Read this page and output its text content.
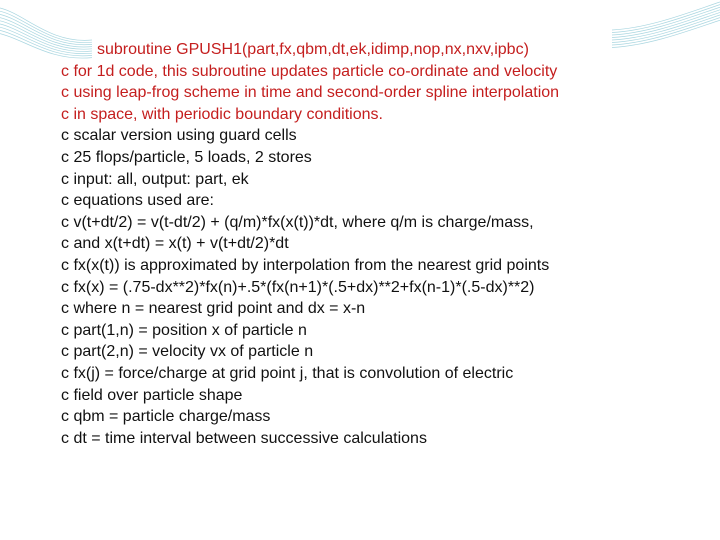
subroutine GPUSH1(part,fx,qbm,dt,ek,idimp,nop,nx,nxv,ipbc)
c for 1d code, this subroutine updates particle co-ordinate and velocity
c using leap-frog scheme in time and second-order spline interpolation
c in space, with periodic boundary conditions.
c scalar version using guard cells
c 25 flops/particle, 5 loads, 2 stores
c input: all, output: part, ek
c equations used are:
c v(t+dt/2) = v(t-dt/2) + (q/m)*fx(x(t))*dt, where q/m is charge/mass,
c and x(t+dt) = x(t) + v(t+dt/2)*dt
c fx(x(t)) is approximated by interpolation from the nearest grid points
c fx(x) = (.75-dx**2)*fx(n)+.5*(fx(n+1)*(.5+dx)**2+fx(n-1)*(.5-dx)**2)
c where n = nearest grid point and dx = x-n
c part(1,n) = position x of particle n
c part(2,n) = velocity vx of particle n
c fx(j) = force/charge at grid point j, that is convolution of electric
c field over particle shape
c qbm = particle charge/mass
c dt = time interval between successive calculations
